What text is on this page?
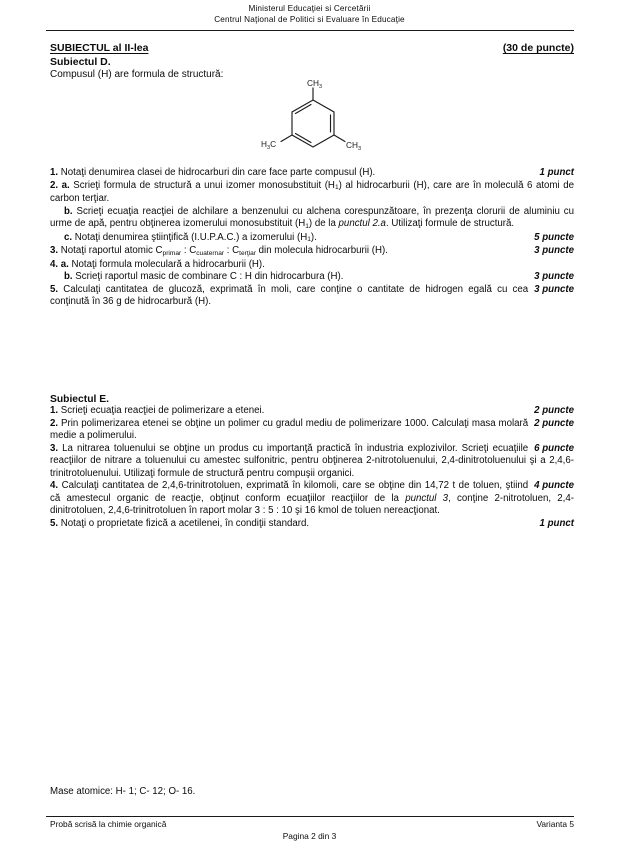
Ministerul Educaţiei si Cercetării
Centrul Naţional de Politici si Evaluare în Educaţie
SUBIECTUL al II-lea	(30 de puncte)
Subiectul D.
Compusul (H) are formula de structură:
$CH_3$
$H_3C$	$CH_3$
1. Notaţi denumirea clasei de hidrocarburi din care face parte compusul (H).	1 punct
2. a. Scrieţi formula de structură a unui izomer monosubstituit $(H_1)$ al hidrocarburii (H), care are în moleculă 6 atomi de carbon terţiar.
b. Scrieţi ecuaţia reacţiei de alchilare a benzenului cu alchena corespunzătoare, în prezenţa clorurii de aluminiu cu urme de apă, pentru obţinerea izomerului monosubstituit $(H_1)$ de la punctul 2.a. Utilizaţi formule de structură.
c. Notaţi denumirea ştiinţifică (I.U.P.A.C.) a izomerului $(H_1)$.	5 puncte
3. Notaţi raportul atomic $C_{primar}$ : $C_{cuaternar}$ : $C_{terţiar}$ din molecula hidrocarburii (H).	3 puncte
4. a. Notaţi formula moleculară a hidrocarburii (H).
b. Scrieţi raportul masic de combinare C : H din hidrocarbura (H).	3 puncte
3 puncte
5. Calculaţi cantitatea de glucoză, exprimată în moli, care conţine o cantitate de hidrogen egală cu cea conţinută în 36 g de hidrocarbură (H).
Subiectul E.
1. Scrieţi ecuaţia reacţiei de polimerizare a etenei.	2 puncte
2 puncte
2. Prin polimerizarea etenei se obţine un polimer cu gradul mediu de polimerizare 1000. Calculaţi masa molară medie a polimerului.
6 puncte
3. La nitrarea toluenului se obţine un produs cu importanţă practică în industria explozivilor. Scrieţi ecuaţiile reacţiilor de nitrare a toluenului cu amestec sulfonitric, pentru obţinerea 2-nitrotoluenului, 2,4-dinitrotoluenului şi a 2,4,6-trinitrotoluenului. Utilizaţi formule de structură pentru compuşii organici.
4 puncte
4. Calculaţi cantitatea de 2,4,6-trinitrotoluen, exprimată în kilomoli, care se obţine din 14,72 t de toluen, ştiind că amestecul organic de reacţie, obţinut conform ecuaţiilor reacţiilor de la punctul 3, conţine 2-nitrotoluen, 2,4-dinitrotoluen, 2,4,6-trinitrotoluen în raport molar 3 : 5 : 10 şi 16 kmol de toluen nereacţionat.
5. Notaţi o proprietate fizică a acetilenei, în condiţii standard.	1 punct
Mase atomice: H- 1; C- 12; O- 16.
Probă scrisă la chimie organică	Varianta 5
Pagina 2 din 3
